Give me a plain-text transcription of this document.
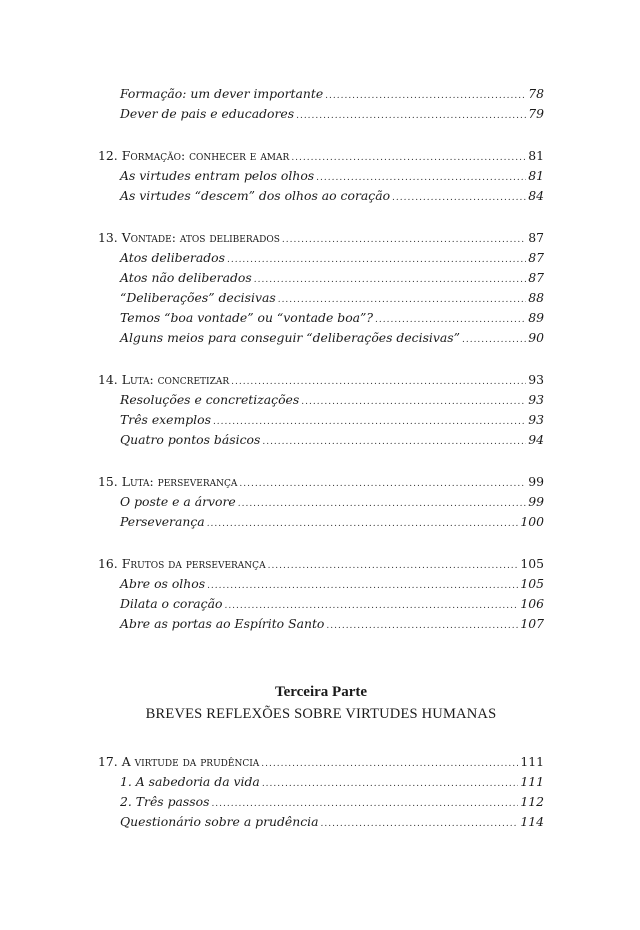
Formação: um dever importante .....	78
Dever de pais e educadores .....	79
12. Formação: conhecer e amar .....	81
As virtudes entram pelos olhos .....	81
As virtudes “descem” dos olhos ao coração .....	84
13. Vontade: atos deliberados .....	87
Atos deliberados .....	87
Atos não deliberados .....	87
“Deliberações” decisivas .....	88
Temos “boa vontade” ou “vontade boa”? .....	89
Alguns meios para conseguir “deliberações decisivas” .....	90
14. Luta: concretizar .....	93
Resoluções e concretizações .....	93
Três exemplos .....	93
Quatro pontos básicos .....	94
15. Luta: perseverança .....	99
O poste e a árvore .....	99
Perseverança .....	100
16. Frutos da perseverança .....	105
Abre os olhos .....	105
Dilata o coração .....	106
Abre as portas ao Espírito Santo .....	107
Terceira Parte
BREVES REFLEXÕES SOBRE VIRTUDES HUMANAS
17. A virtude da prudência .....	111
1. A sabedoria da vida .....	111
2. Três passos .....	112
Questionário sobre a prudência .....	114
